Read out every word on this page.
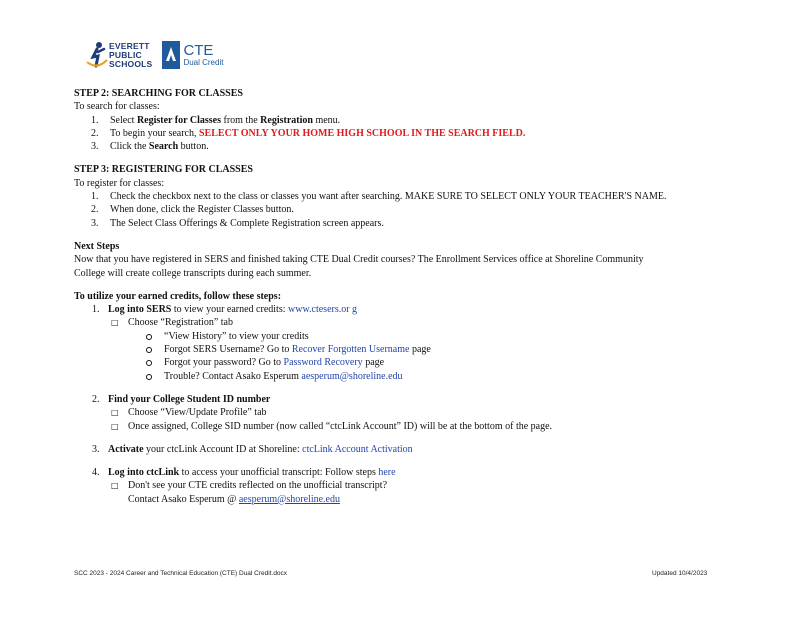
EVERETT
PUBLIC
SCHOOLS
CTE
Dual Credit

STEP 2: SEARCHING FOR CLASSES

To search for classes:

1. Select Register for Classes from the Registration menu.
2. To begin your search, SELECT ONLY YOUR HOME HIGH SCHOOL IN THE SEARCH FIELD.
3. Click the Search button.

STEP 3: REGISTERING FOR CLASSES

To register for classes:

1. Check the checkbox next to the class or classes you want after searching. MAKE SURE TO SELECT ONLY YOUR TEACHER'S NAME.
2. When done, click the Register Classes button.
3. The Select Class Offerings & Complete Registration screen appears.

Next Steps

Now that you have registered in SERS and finished taking CTE Dual Credit courses? The Enrollment Services office at Shoreline Community

College will create college transcripts during each summer.

To utilize your earned credits, follow these steps:

1. Log into SERS to view your earned credits: www.ctesers.or g

□ Choose “Registration” tab

“View History” to view your credits

Forgot SERS Username? Go to Recover Forgotten Username page

Forgot your password? Go to Password Recovery page

Trouble? Contact Asako Esperum aesperum@shoreline.edu

2. Find your College Student ID number

□ Choose “View/Update Profile” tab

□ Once assigned, College SID number (now called “ctcLink Account” ID) will be at the bottom of the page.

3. Activate your ctcLink Account ID at Shoreline: ctcLink Account Activation

4. Log into ctcLink to access your unofficial transcript: Follow steps here

□ Don't see your CTE credits reflected on the unofficial transcript?

Contact Asako Esperum @ aesperum@shoreline.edu

SCC 2023 - 2024 Career and Technical Education (CTE) Dual Credit.docx	Updated 10/4/2023
